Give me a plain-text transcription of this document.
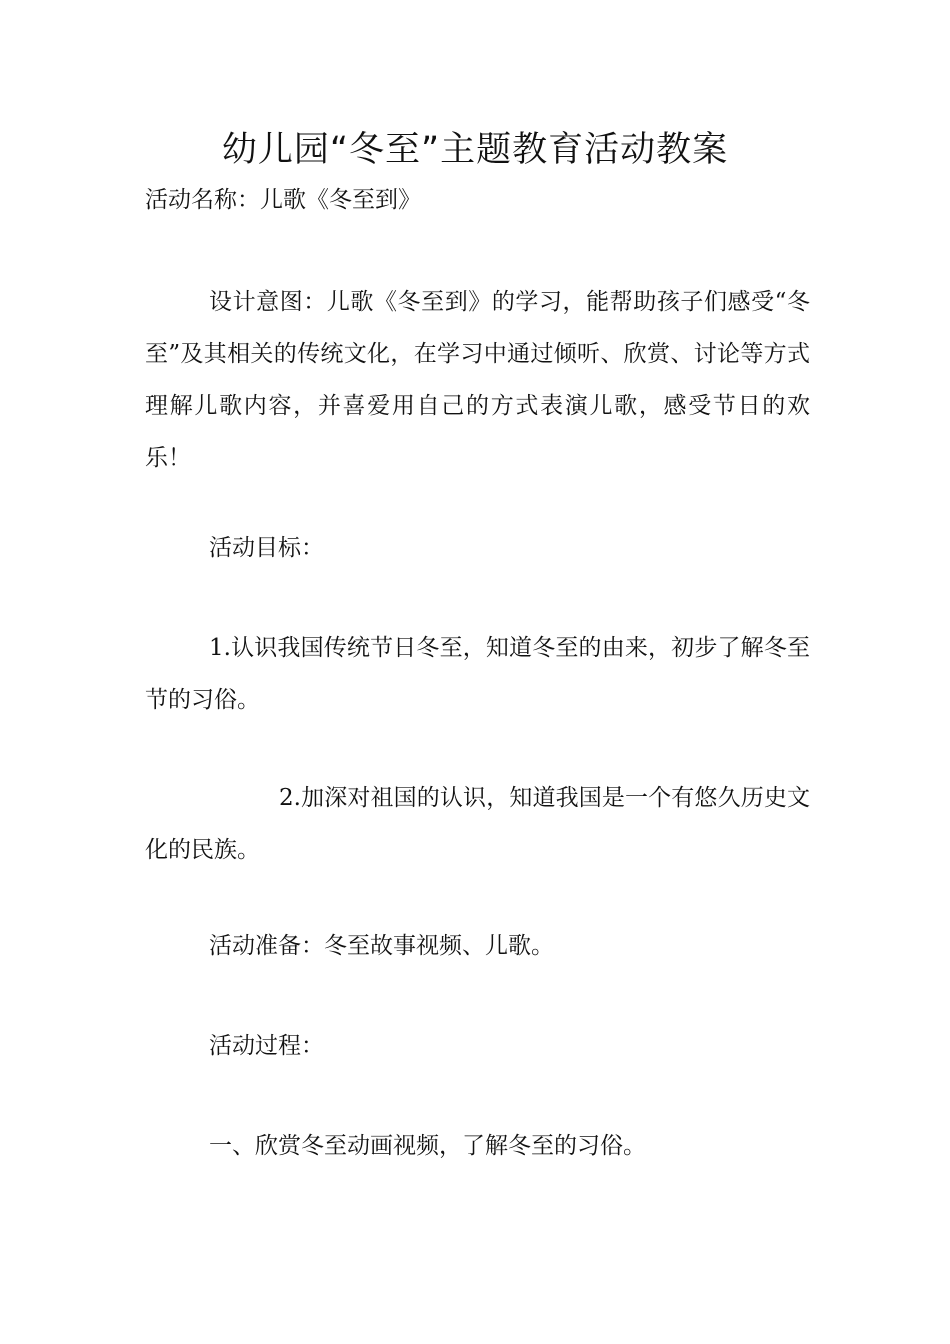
幼儿园“冬至”主题教育活动教案

活动名称：儿歌《冬至到》

设计意图：儿歌《冬至到》的学习，能帮助孩子们感受“冬至”及其相关的传统文化，在学习中通过倾听、欣赏、讨论等方式理解儿歌内容，并喜爱用自己的方式表演儿歌，感受节日的欢乐！

活动目标：

1.认识我国传统节日冬至，知道冬至的由来，初步了解冬至节的习俗。

2.加深对祖国的认识，知道我国是一个有悠久历史文化的民族。

活动准备：冬至故事视频、儿歌。

活动过程：

一、欣赏冬至动画视频，了解冬至的习俗。
